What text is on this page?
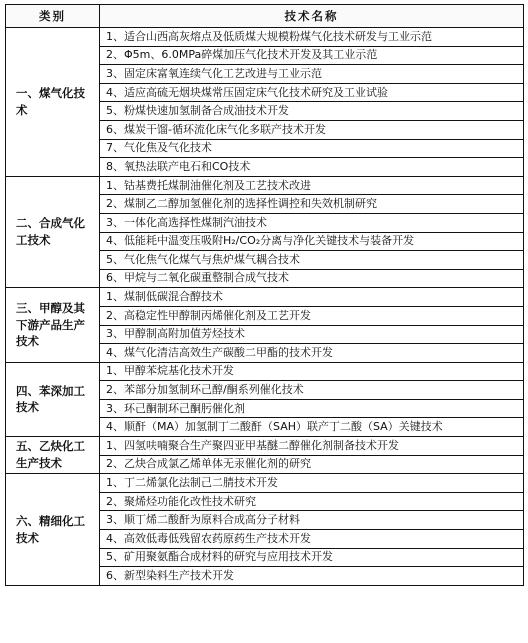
类别	技术名称
一、煤气化技术	1、适合山西高灰熔点及低质煤大规模粉煤气化技术研发与工业示范
	2、Φ5m、6.0MPa碎煤加压气化技术开发及其工业示范
	3、固定床富氧连续气化工艺改进与工业示范
	4、适应高硫无烟块煤常压固定床气化技术研究及工业试验
	5、粉煤快速加氢制备合成油技术开发
	6、煤炭干馏-循环流化床气化多联产技术开发
	7、气化焦及气化技术
	8、氧热法联产电石和CO技术
二、合成气化工技术	1、钴基费托煤制油催化剂及工艺技术改进
	2、煤制乙二醇加氢催化剂的选择性调控和失效机制研究
	3、一体化高选择性煤制汽油技术
	4、低能耗中温变压吸附H₂/CO₂分离与净化关键技术与装备开发
	5、气化焦气化煤气与焦炉煤气耦合技术
	6、甲烷与二氧化碳重整制合成气技术
三、甲醇及其下游产品生产技术	1、煤制低碳混合醇技术
	2、高稳定性甲醇制丙烯催化剂及工艺开发
	3、甲醇制高附加值芳烃技术
	4、煤气化清洁高效生产碳酸二甲酯的技术开发
四、苯深加工技术	1、甲醇苯烷基化技术开发
	2、苯部分加氢制环己醇/酮系列催化技术
	3、环己酮制环己酮肟催化剂
	4、顺酐（MA）加氢制丁二酸酐（SAH）联产丁二酸（SA）关键技术
五、乙炔化工生产技术	1、四氢呋喃聚合生产聚四亚甲基醚二醇催化剂制备技术开发
	2、乙炔合成氯乙烯单体无汞催化剂的研究
六、精细化工技术	1、丁二烯氯化法制己二腈技术开发
	2、聚烯烃功能化改性技术研究
	3、顺丁烯二酸酐为原料合成高分子材料
	4、高效低毒低残留农药原药生产技术开发
	5、矿用聚氨酯合成材料的研究与应用技术开发
	6、新型染料生产技术开发
